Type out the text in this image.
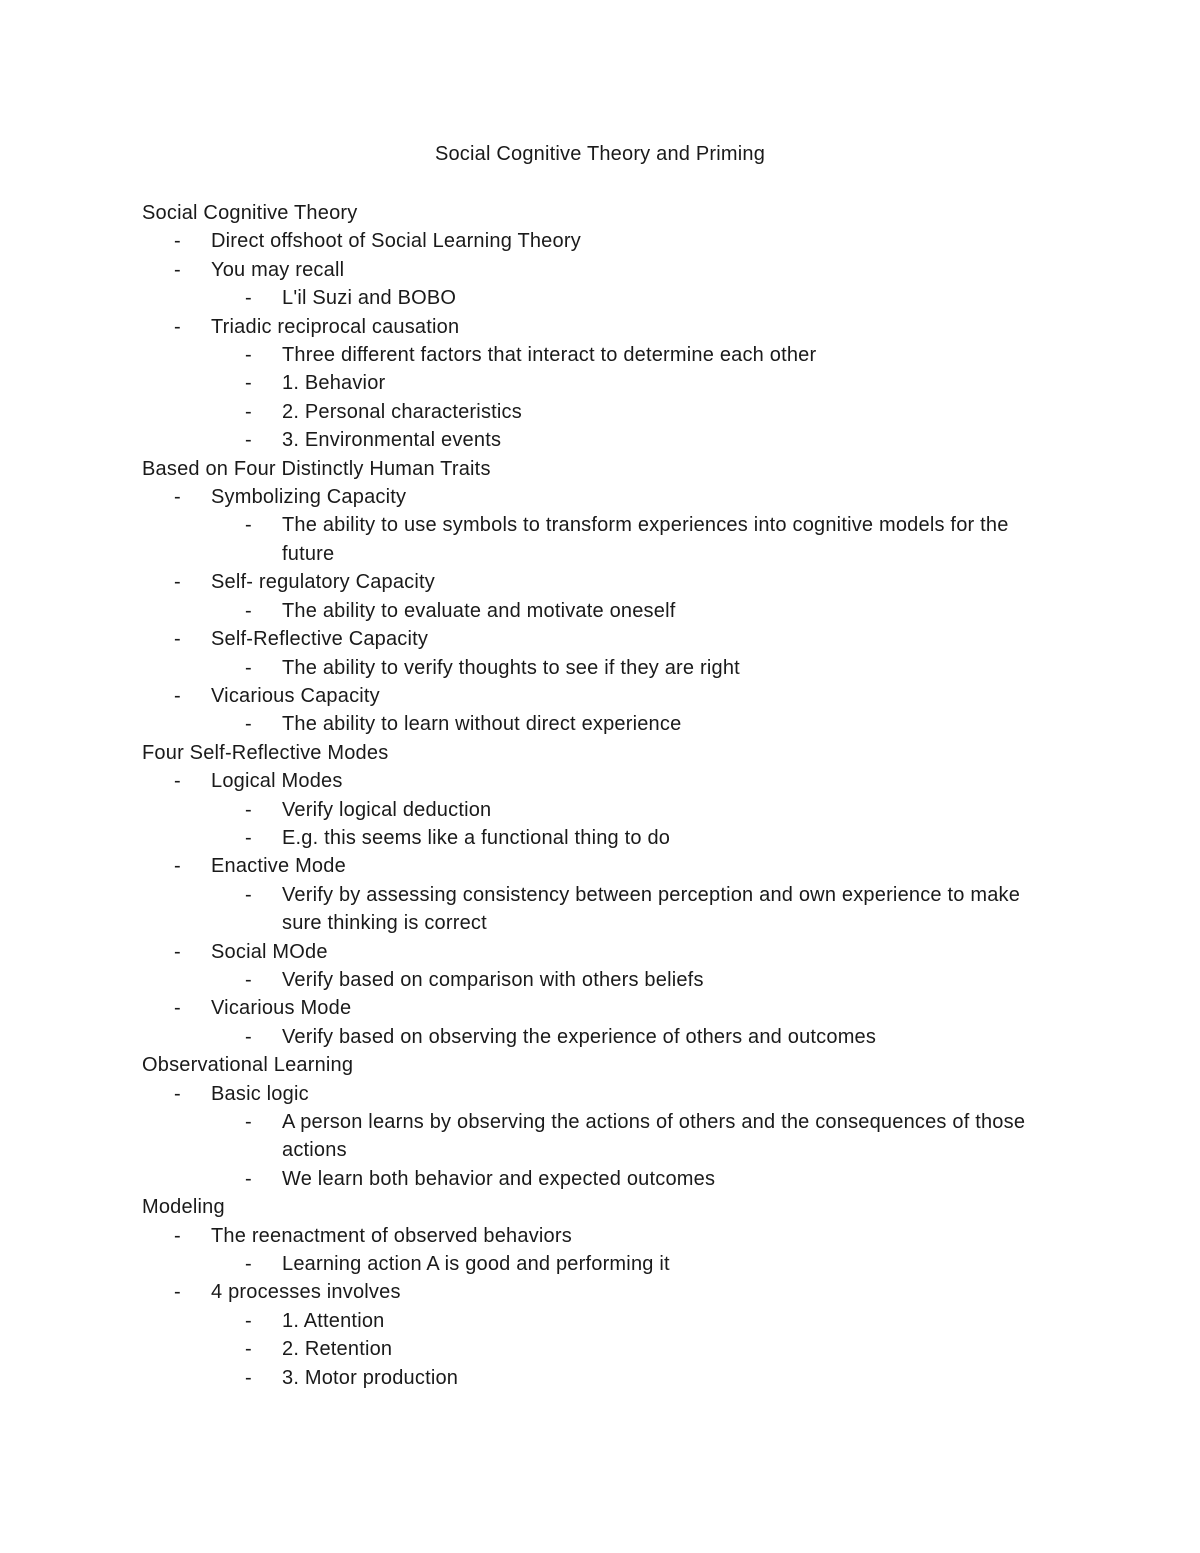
Social Cognitive Theory and Priming
Social Cognitive Theory
- Direct offshoot of Social Learning Theory
- You may recall
- L'il Suzi and BOBO
- Triadic reciprocal causation
- Three different factors that interact to determine each other
- 1. Behavior
- 2. Personal characteristics
- 3. Environmental events
Based on Four Distinctly Human Traits
- Symbolizing Capacity
- The ability to use symbols to transform experiences into cognitive models for the future
- Self- regulatory Capacity
- The ability to evaluate and motivate oneself
- Self-Reflective Capacity
- The ability to verify thoughts to see if they are right
- Vicarious Capacity
- The ability to learn without direct experience
Four Self-Reflective Modes
- Logical Modes
- Verify logical deduction
- E.g. this seems like a functional thing to do
- Enactive Mode
- Verify by assessing consistency between perception and own experience to make sure thinking is correct
- Social MOde
- Verify based on comparison with others beliefs
- Vicarious Mode
- Verify based on observing the experience of others and outcomes
Observational Learning
- Basic logic
- A person learns by observing the actions of others and the consequences of those actions
- We learn both behavior and expected outcomes
Modeling
- The reenactment of observed behaviors
- Learning action A is good and performing it
- 4 processes involves
- 1. Attention
- 2. Retention
- 3. Motor production
